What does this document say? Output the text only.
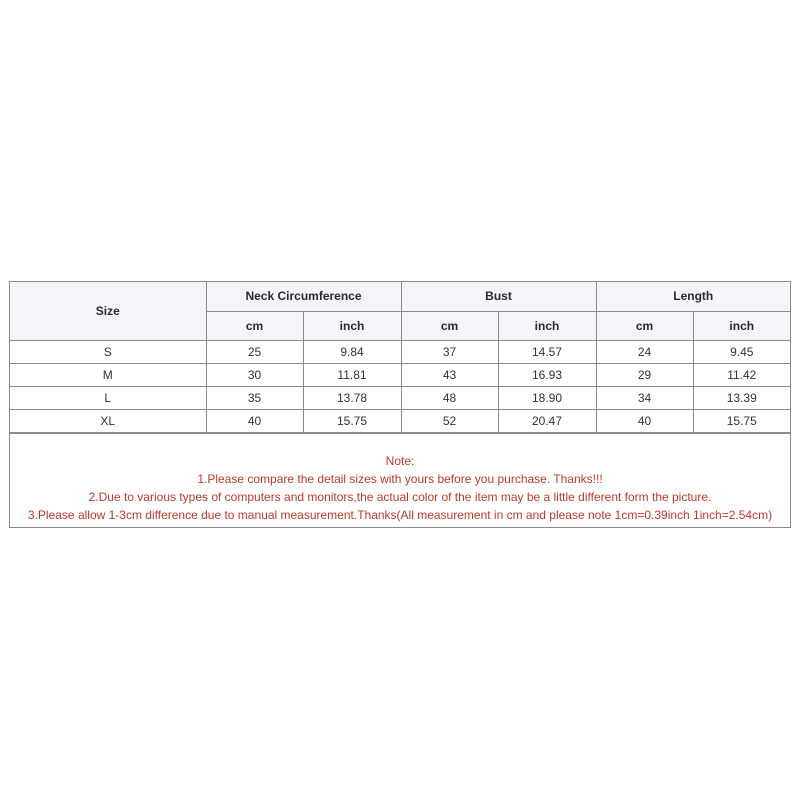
Size	Neck Circumference		Bust		Length	
	cm	inch	cm	inch	cm	inch
S	25	9.84	37	14.57	24	9.45
M	30	11.81	43	16.93	29	11.42
L	35	13.78	48	18.90	34	13.39
XL	40	15.75	52	20.47	40	15.75
Note:
1.Please compare the detail sizes with yours before you purchase. Thanks!!!
2.Due to various types of computers and monitors,the actual color of the item may be a little different form the picture.
3.Please allow 1-3cm difference due to manual measurement.Thanks(All measurement in cm and please note 1cm=0.39inch 1inch=2.54cm)
